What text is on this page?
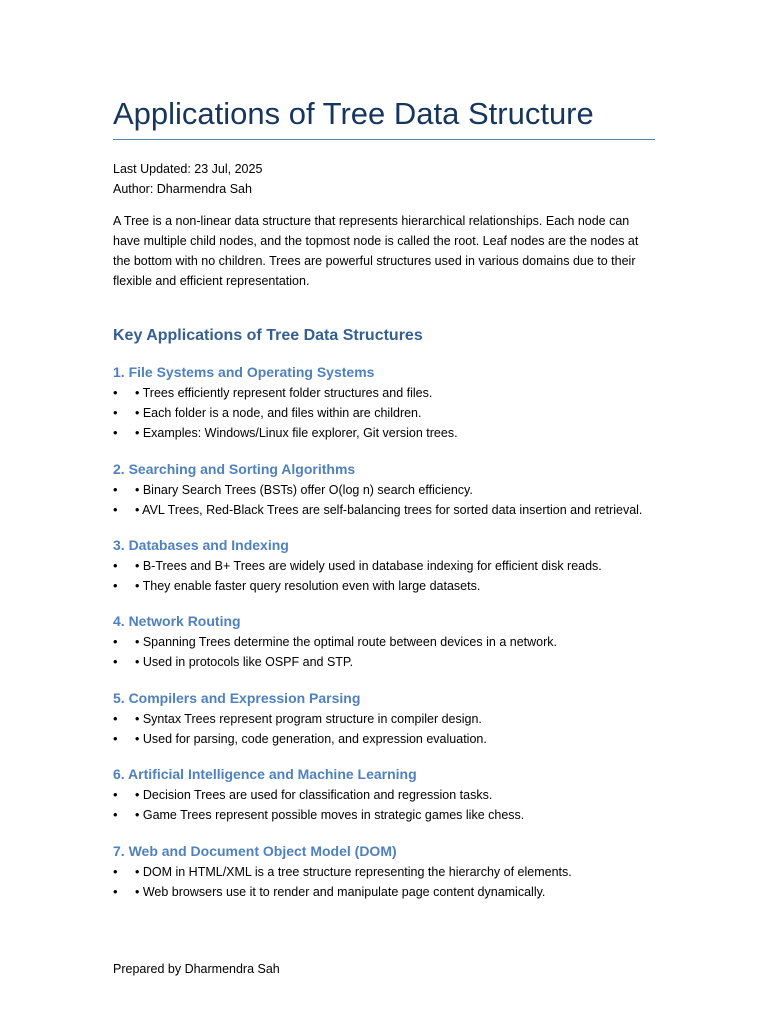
Applications of Tree Data Structure
Last Updated: 23 Jul, 2025
Author: Dharmendra Sah

A Tree is a non-linear data structure that represents hierarchical relationships. Each node can have multiple child nodes, and the topmost node is called the root. Leaf nodes are the nodes at the bottom with no children. Trees are powerful structures used in various domains due to their flexible and efficient representation.

Key Applications of Tree Data Structures
1. File Systems and Operating Systems
• • Trees efficiently represent folder structures and files.
• • Each folder is a node, and files within are children.
• • Examples: Windows/Linux file explorer, Git version trees.
2. Searching and Sorting Algorithms
• • Binary Search Trees (BSTs) offer O(log n) search efficiency.
• • AVL Trees, Red-Black Trees are self-balancing trees for sorted data insertion and retrieval.
3. Databases and Indexing
• • B-Trees and B+ Trees are widely used in database indexing for efficient disk reads.
• • They enable faster query resolution even with large datasets.
4. Network Routing
• • Spanning Trees determine the optimal route between devices in a network.
• • Used in protocols like OSPF and STP.
5. Compilers and Expression Parsing
• • Syntax Trees represent program structure in compiler design.
• • Used for parsing, code generation, and expression evaluation.
6. Artificial Intelligence and Machine Learning
• • Decision Trees are used for classification and regression tasks.
• • Game Trees represent possible moves in strategic games like chess.
7. Web and Document Object Model (DOM)
• • DOM in HTML/XML is a tree structure representing the hierarchy of elements.
• • Web browsers use it to render and manipulate page content dynamically.
Prepared by Dharmendra Sah
